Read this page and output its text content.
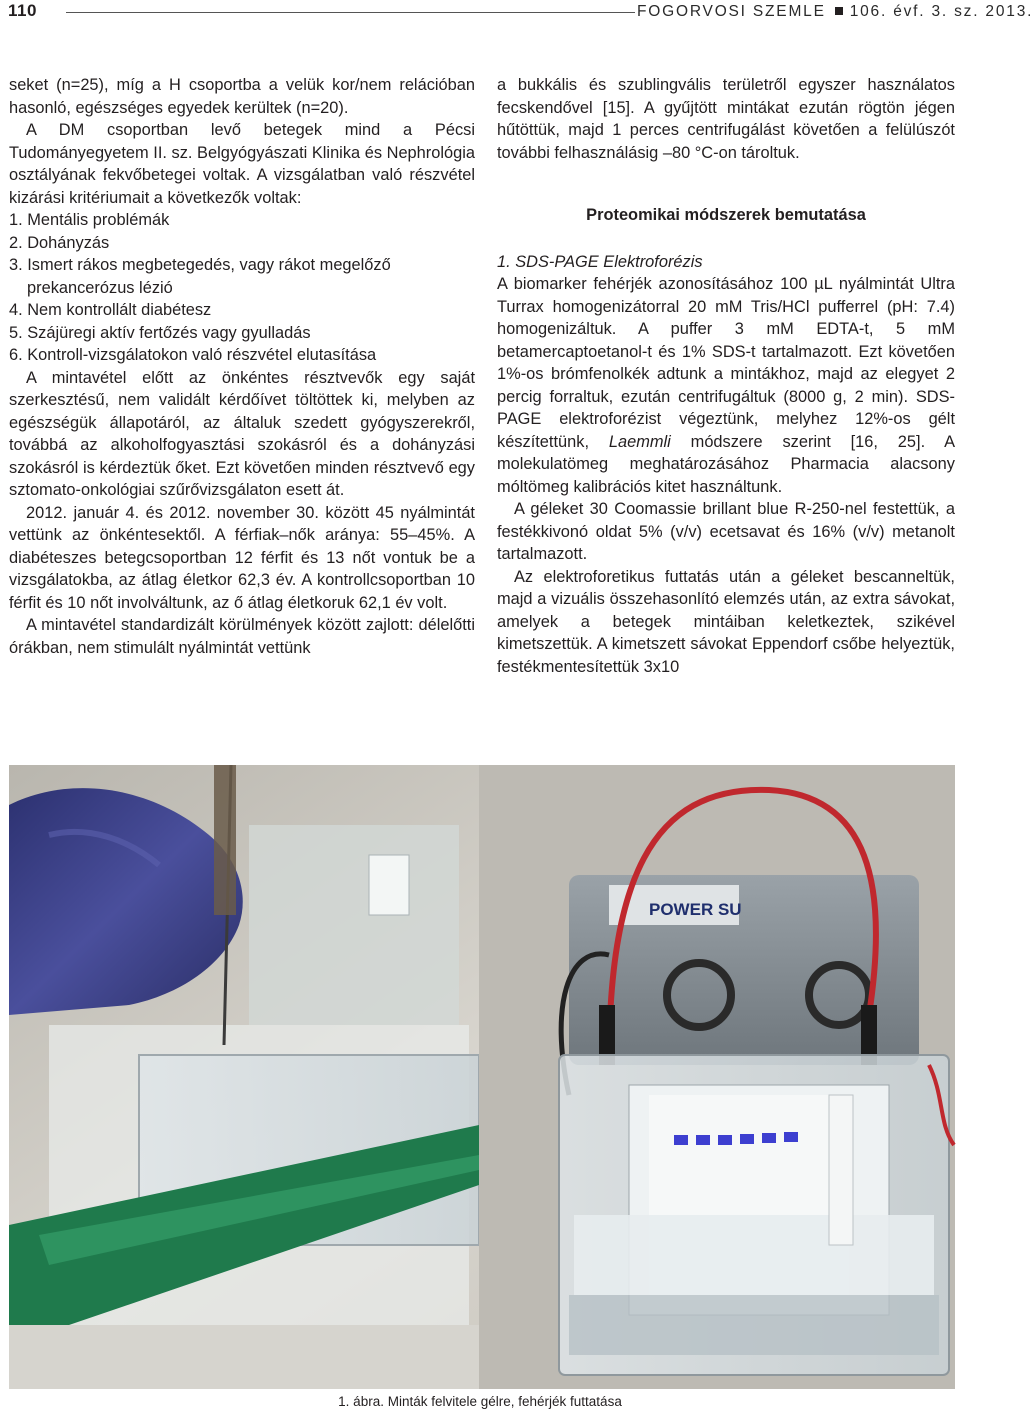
110	FOGORVOSI SZEMLE 106. évf. 3. sz. 2013.

seket (n=25), míg a H csoportba a velük kor/nem relációban hasonló, egészséges egyedek kerültek (n=20).

A DM csoportban levő betegek mind a Pécsi Tudományegyetem II. sz. Belgyógyászati Klinika és Nephrológia osztályának fekvőbetegei voltak. A vizsgálatban való részvétel kizárási kritériumait a következők voltak:

1. Mentális problémák
2. Dohányzás
3. Ismert rákos megbetegedés, vagy rákot megelőző prekancerózus lézió
4. Nem kontrollált diabétesz
5. Szájüregi aktív fertőzés vagy gyulladás
6. Kontroll-vizsgálatokon való részvétel elutasítása

A mintavétel előtt az önkéntes résztvevők egy saját szerkesztésű, nem validált kérdőívet töltöttek ki, melyben az egészségük állapotáról, az általuk szedett gyógyszerekről, továbbá az alkoholfogyasztási szokásról és a dohányzási szokásról is kérdeztük őket. Ezt követően minden résztvevő egy sztomato-onkológiai szűrővizsgálaton esett át.

2012. január 4. és 2012. november 30. között 45 nyálmintát vettünk az önkéntesektől. A férfiak–nők aránya: 55–45%. A diabéteszes betegcsoportban 12 férfit és 13 nőt vontuk be a vizsgálatokba, az átlag életkor 62,3 év. A kontrollcsoportban 10 férfit és 10 nőt involváltunk, az ő átlag életkoruk 62,1 év volt.

A mintavétel standardizált körülmények között zajlott: délelőtti órákban, nem stimulált nyálmintát vettünk

a bukkális és szublingvális területről egyszer használatos fecskendővel [15]. A gyűjtött mintákat ezután rögtön jégen hűtöttük, majd 1 perces centrifugálást követően a felülúszót további felhasználásig –80 °C-on tároltuk.

Proteomikai módszerek bemutatása
1. SDS-PAGE Elektroforézis

A biomarker fehérjék azonosításához 100 µL nyálmintát Ultra Turrax homogenizátorral 20 mM Tris/HCl pufferrel (pH: 7.4) homogenizáltuk. A puffer 3 mM EDTA-t, 5 mM betamercaptoetanol-t és 1% SDS-t tartalmazott. Ezt követően 1%-os brómfenolkék adtunk a mintákhoz, majd az elegyet 2 percig forraltuk, ezután centrifugáltuk (8000 g, 2 min). SDS-PAGE elektroforézist végeztünk, melyhez 12%-os gélt készítettünk, Laemmli módszere szerint [16, 25]. A molekulatömeg meghatározásához Pharmacia alacsony móltömeg kalibrációs kitet használtunk.

A géleket 30 Coomassie brillant blue R-250-nel festettük, a festékkivonó oldat 5% (v/v) ecetsavat és 16% (v/v) metanolt tartalmazott.

Az elektroforetikus futtatás után a géleket bescanneltük, majd a vizuális összehasonlító elemzés után, az extra sávokat, amelyek a betegek mintáiban keletkeztek, szikével kimetszettük. A kimetszett sávokat Eppendorf csőbe helyeztük, festékmentesítettük 3x10

POWER SU
1. ábra. Minták felvitele gélre, fehérjék futtatása
